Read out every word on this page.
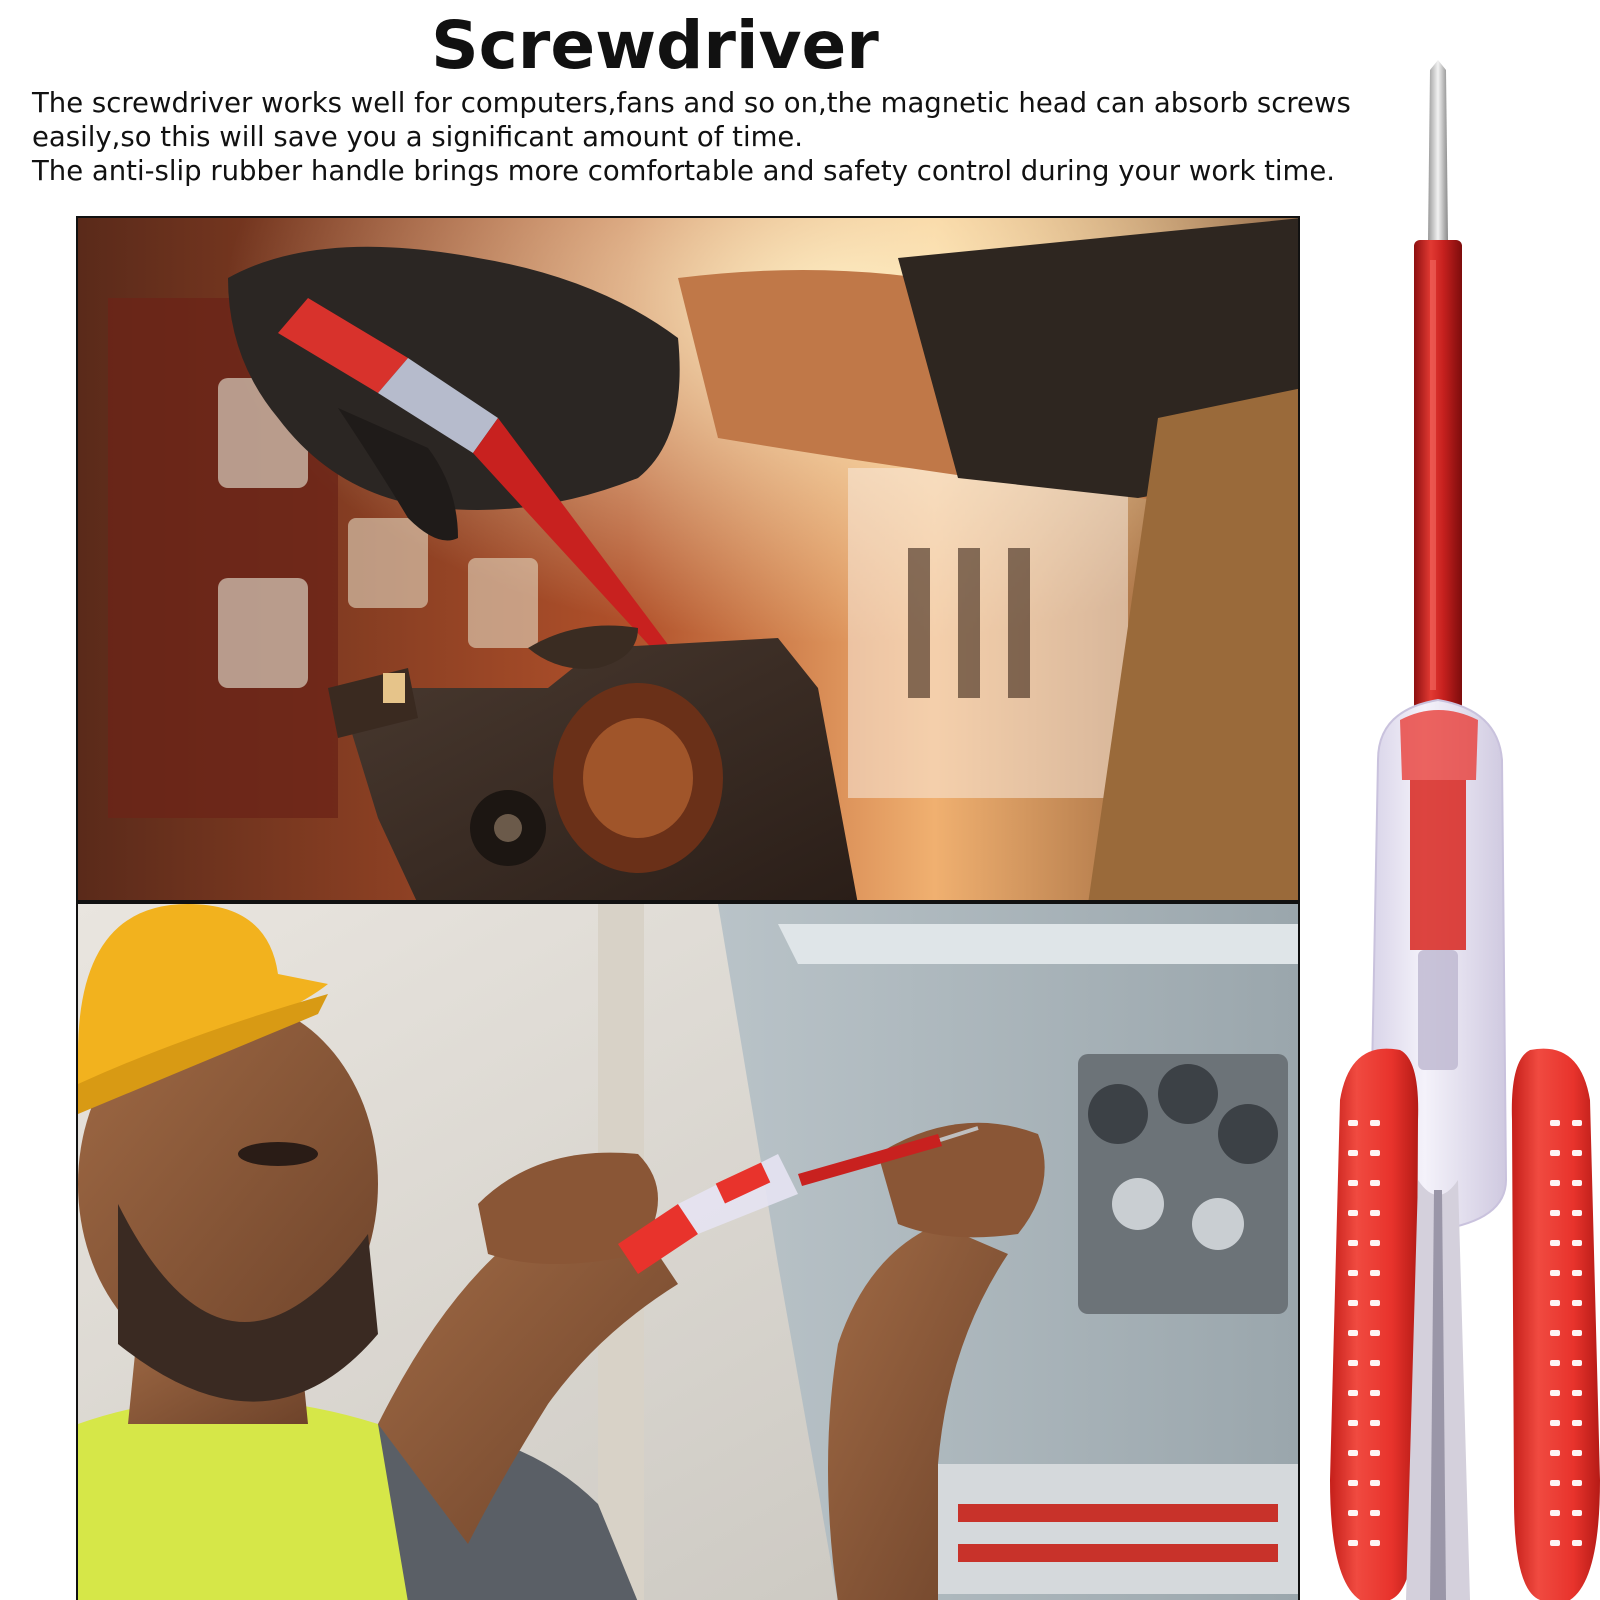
Screwdriver

The screwdriver works well for computers,fans and so on,the magnetic head can absorb screws easily,so this will save you a significant amount of time.

The anti-slip rubber handle brings more comfortable and safety control during your work time.
